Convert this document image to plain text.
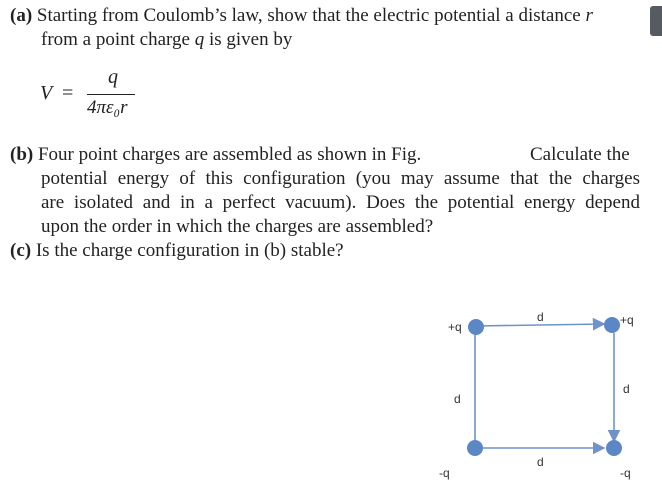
(a) Starting from Coulomb’s law, show that the electric potential a distance r
from a point charge q is given by
V =
q
4πε₀r
(b) Four point charges are assembled as shown in Fig.	Calculate the
potential energy of this configuration (you may assume that the charges
are isolated and in a perfect vacuum). Does the potential energy depend
upon the order in which the charges are assembled?
(c) Is the charge configuration in (b) stable?
+q	+q
-q	-q
d
d
d
d
